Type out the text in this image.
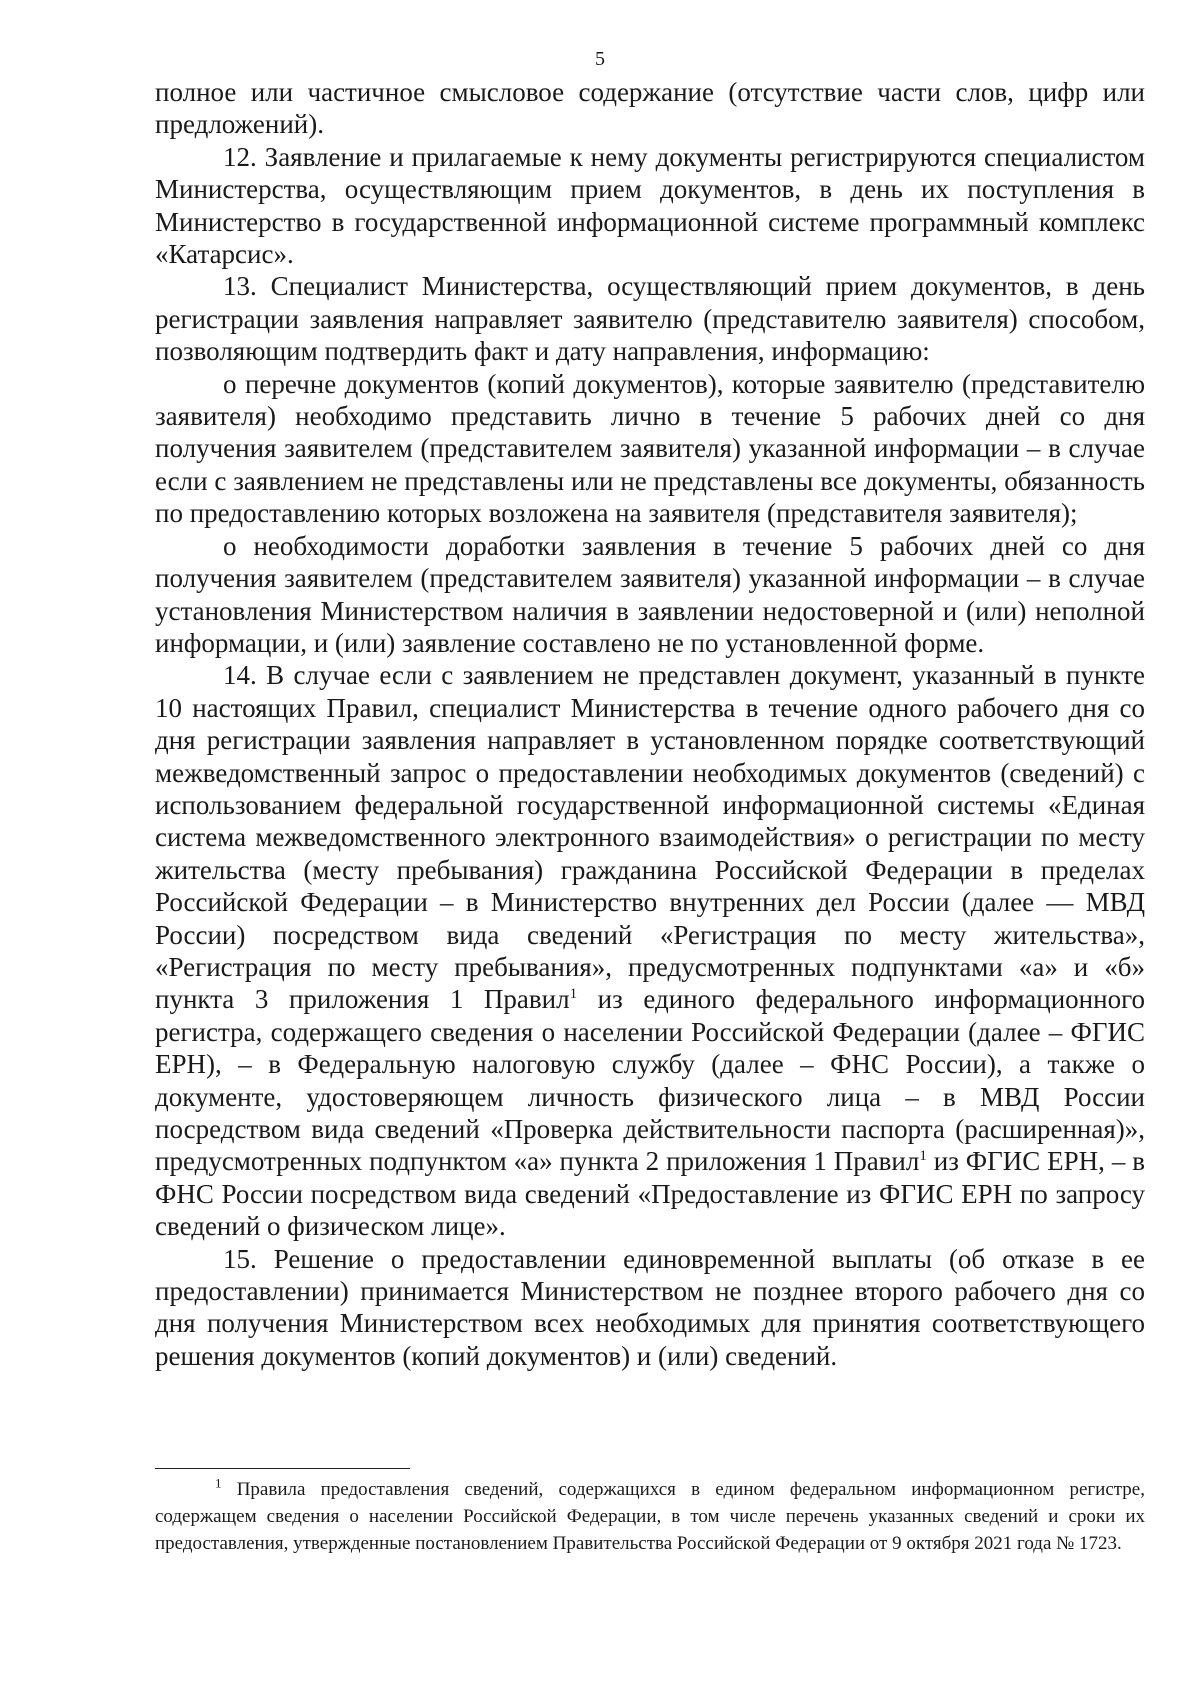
5

полное или частичное смысловое содержание (отсутствие части слов, цифр или предложений).

12. Заявление и прилагаемые к нему документы регистрируются специалистом Министерства, осуществляющим прием документов, в день их поступления в Министерство в государственной информационной системе программный комплекс «Катарсис».

13. Специалист Министерства, осуществляющий прием документов, в день регистрации заявления направляет заявителю (представителю заявителя) способом, позволяющим подтвердить факт и дату направления, информацию:

о перечне документов (копий документов), которые заявителю (представителю заявителя) необходимо представить лично в течение 5 рабочих дней со дня получения заявителем (представителем заявителя) указанной информации – в случае если с заявлением не представлены или не представлены все документы, обязанность по предоставлению которых возложена на заявителя (представителя заявителя);

о необходимости доработки заявления в течение 5 рабочих дней со дня получения заявителем (представителем заявителя) указанной информации – в случае установления Министерством наличия в заявлении недостоверной и (или) неполной информации, и (или) заявление составлено не по установленной форме.

14. В случае если с заявлением не представлен документ, указанный в пункте 10 настоящих Правил, специалист Министерства в течение одного рабочего дня со дня регистрации заявления направляет в установленном порядке соответствующий межведомственный запрос о предоставлении необходимых документов (сведений) с использованием федеральной государственной информационной системы «Единая система межведомственного электронного взаимодействия» о регистрации по месту жительства (месту пребывания) гражданина Российской Федерации в пределах Российской Федерации – в Министерство внутренних дел России (далее — МВД России) посредством вида сведений «Регистрация по месту жительства», «Регистрация по месту пребывания», предусмотренных подпунктами «а» и «б» пункта 3 приложения 1 Правил$^1$ из единого федерального информационного регистра, содержащего сведения о населении Российской Федерации (далее – ФГИС ЕРН), – в Федеральную налоговую службу (далее – ФНС России), а также о документе, удостоверяющем личность физического лица – в МВД России посредством вида сведений «Проверка действительности паспорта (расширенная)», предусмотренных подпунктом «а» пункта 2 приложения 1 Правил$^1$ из ФГИС ЕРН, – в ФНС России посредством вида сведений «Предоставление из ФГИС ЕРН по запросу сведений о физическом лице».

15. Решение о предоставлении единовременной выплаты (об отказе в ее предоставлении) принимается Министерством не позднее второго рабочего дня со дня получения Министерством всех необходимых для принятия соответствующего решения документов (копий документов) и (или) сведений.

$^1$ Правила предоставления сведений, содержащихся в едином федеральном информационном регистре, содержащем сведения о населении Российской Федерации, в том числе перечень указанных сведений и сроки их предоставления, утвержденные постановлением Правительства Российской Федерации от 9 октября 2021 года № 1723.
